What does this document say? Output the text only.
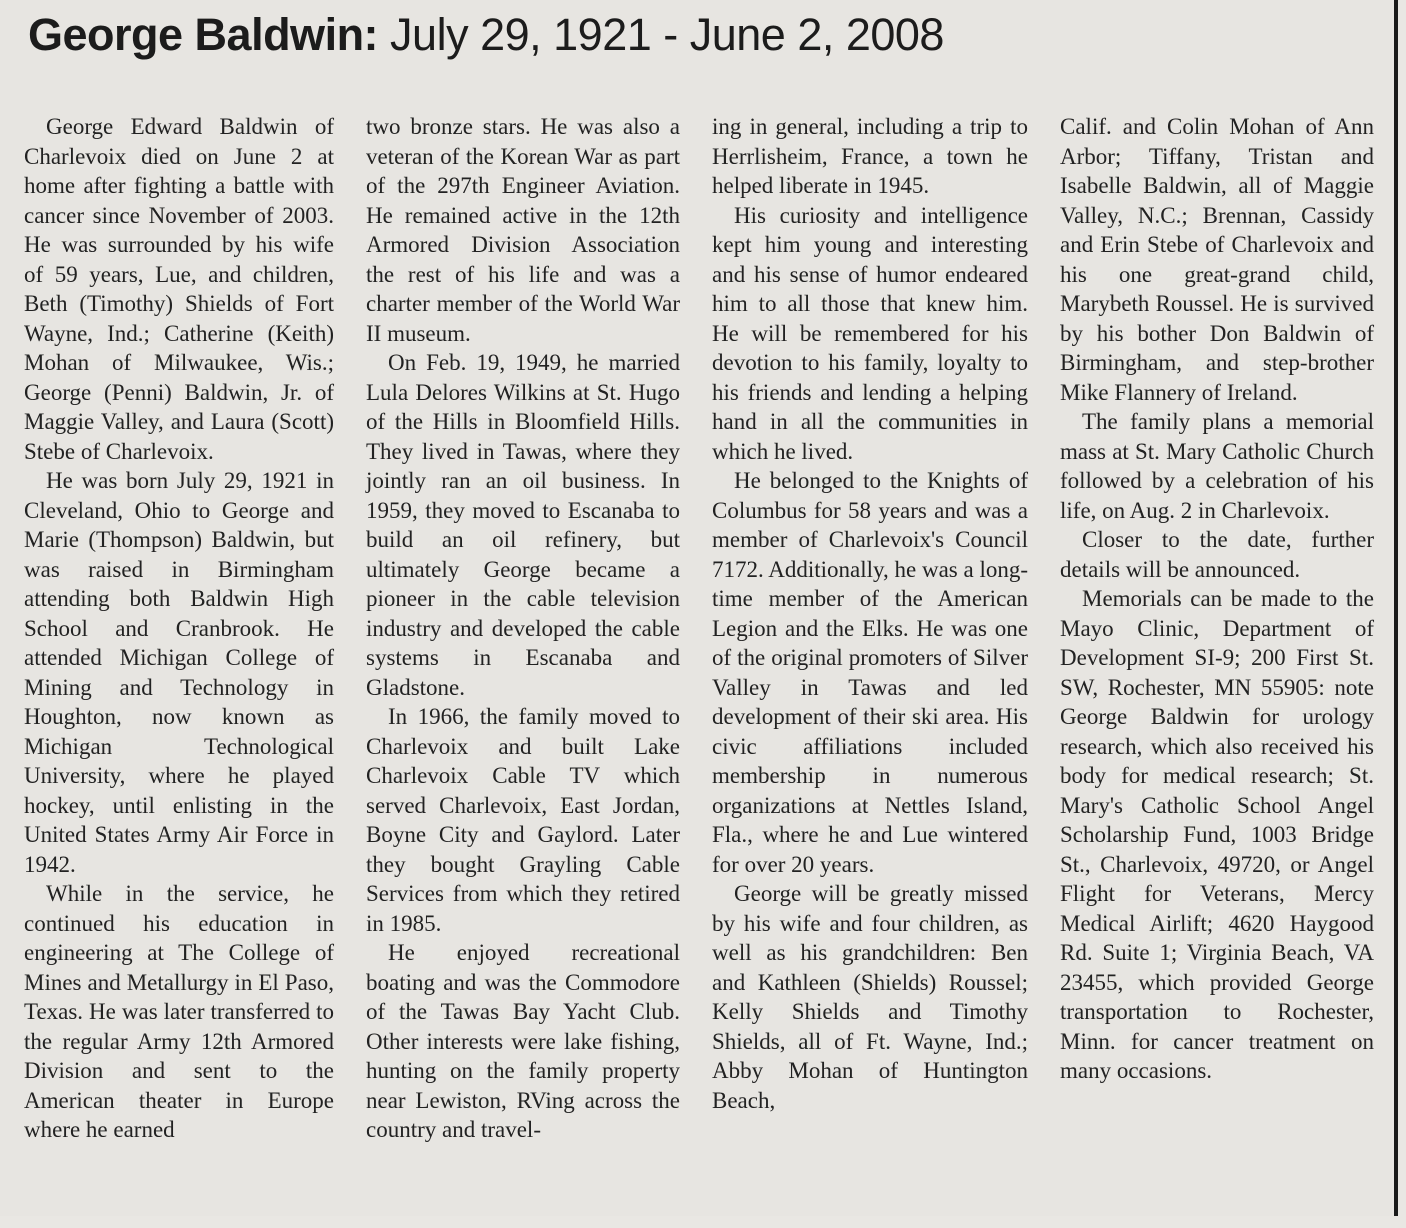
George Baldwin: July 29, 1921 - June 2, 2008

George Edward Baldwin of Charlevoix died on June 2 at home after fighting a battle with cancer since November of 2003. He was surrounded by his wife of 59 years, Lue, and children, Beth (Timothy) Shields of Fort Wayne, Ind.; Catherine (Keith) Mohan of Milwaukee, Wis.; George (Penni) Baldwin, Jr. of Maggie Valley, and Laura (Scott) Stebe of Charlevoix.

He was born July 29, 1921 in Cleveland, Ohio to George and Marie (Thompson) Baldwin, but was raised in Birmingham attending both Baldwin High School and Cranbrook. He attended Michigan College of Mining and Technology in Houghton, now known as Michigan Technological University, where he played hockey, until enlisting in the United States Army Air Force in 1942.

While in the service, he continued his education in engineering at The College of Mines and Metallurgy in El Paso, Texas. He was later transferred to the regular Army 12th Armored Division and sent to the American theater in Europe where he earned

two bronze stars. He was also a veteran of the Korean War as part of the 297th Engineer Aviation. He remained active in the 12th Armored Division Association the rest of his life and was a charter member of the World War II museum.

On Feb. 19, 1949, he married Lula Delores Wilkins at St. Hugo of the Hills in Bloomfield Hills. They lived in Tawas, where they jointly ran an oil business. In 1959, they moved to Escanaba to build an oil refinery, but ultimately George became a pioneer in the cable television industry and developed the cable systems in Escanaba and Gladstone.

In 1966, the family moved to Charlevoix and built Lake Charlevoix Cable TV which served Charlevoix, East Jordan, Boyne City and Gaylord. Later they bought Grayling Cable Services from which they retired in 1985.

He enjoyed recreational boating and was the Commodore of the Tawas Bay Yacht Club. Other interests were lake fishing, hunting on the family property near Lewiston, RVing across the country and travel-

ing in general, including a trip to Herrlisheim, France, a town he helped liberate in 1945.

His curiosity and intelligence kept him young and interesting and his sense of humor endeared him to all those that knew him. He will be remembered for his devotion to his family, loyalty to his friends and lending a helping hand in all the communities in which he lived.

He belonged to the Knights of Columbus for 58 years and was a member of Charlevoix's Council 7172. Additionally, he was a long-time member of the American Legion and the Elks. He was one of the original promoters of Silver Valley in Tawas and led development of their ski area. His civic affiliations included membership in numerous organizations at Nettles Island, Fla., where he and Lue wintered for over 20 years.

George will be greatly missed by his wife and four children, as well as his grandchildren: Ben and Kathleen (Shields) Roussel; Kelly Shields and Timothy Shields, all of Ft. Wayne, Ind.; Abby Mohan of Huntington Beach,

Calif. and Colin Mohan of Ann Arbor; Tiffany, Tristan and Isabelle Baldwin, all of Maggie Valley, N.C.; Brennan, Cassidy and Erin Stebe of Charlevoix and his one great-grand child, Marybeth Roussel. He is survived by his bother Don Baldwin of Birmingham, and step-brother Mike Flannery of Ireland.

The family plans a memorial mass at St. Mary Catholic Church followed by a celebration of his life, on Aug. 2 in Charlevoix.

Closer to the date, further details will be announced.

Memorials can be made to the Mayo Clinic, Department of Development SI-9; 200 First St. SW, Rochester, MN 55905: note George Baldwin for urology research, which also received his body for medical research; St. Mary's Catholic School Angel Scholarship Fund, 1003 Bridge St., Charlevoix, 49720, or Angel Flight for Veterans, Mercy Medical Airlift; 4620 Haygood Rd. Suite 1; Virginia Beach, VA 23455, which provided George transportation to Rochester, Minn. for cancer treatment on many occasions.
